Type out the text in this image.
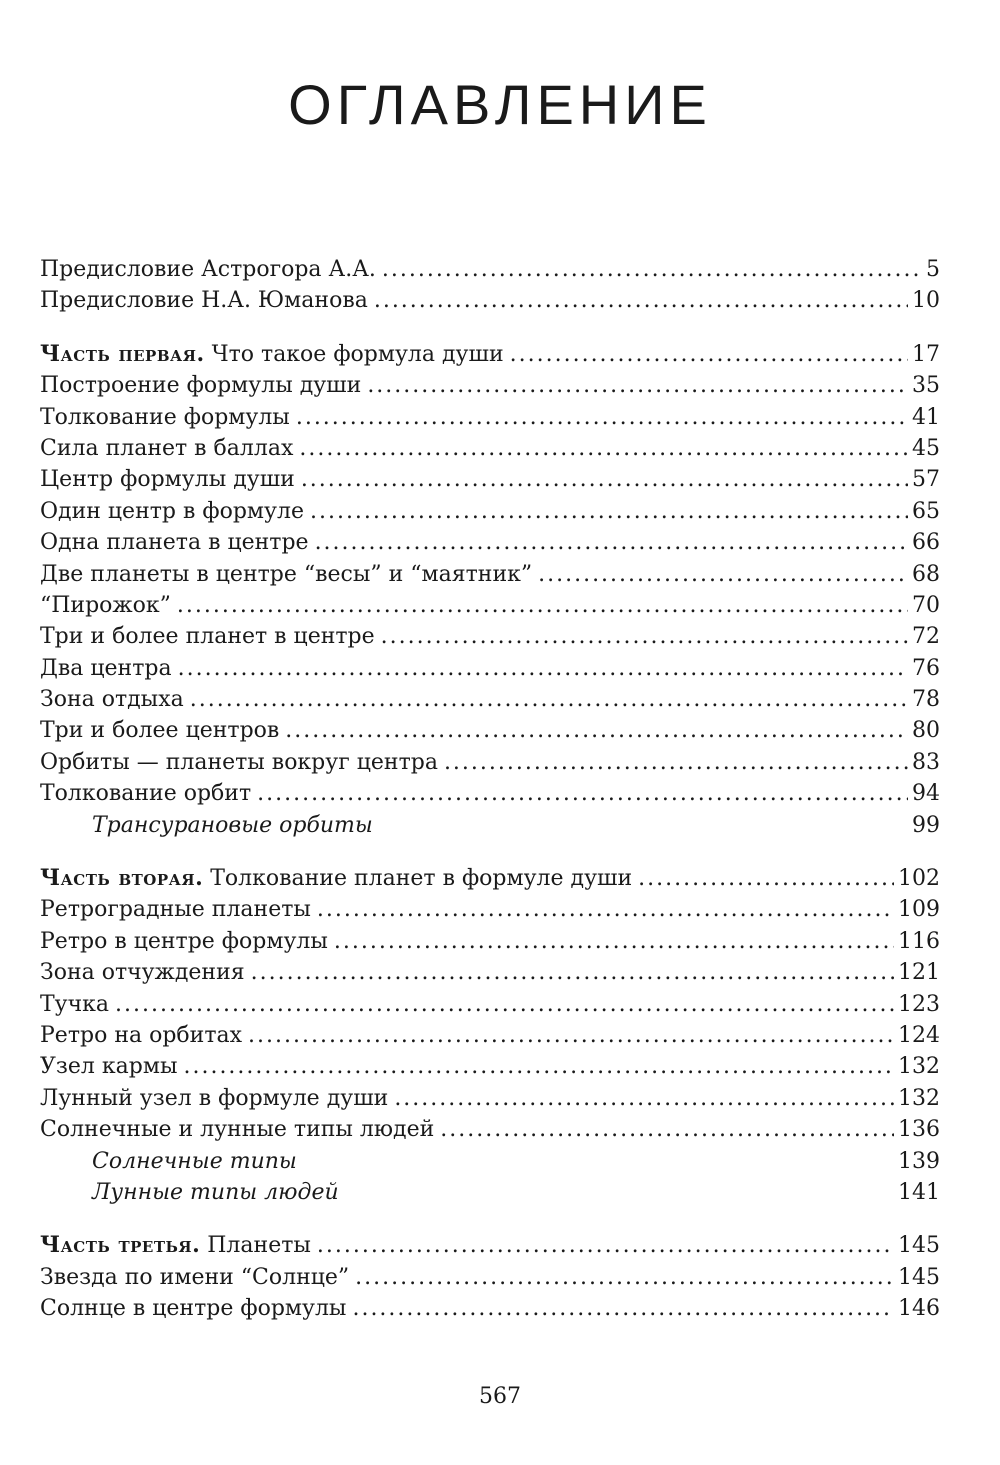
ОГЛАВЛЕНИЕ
Предисловие Астрогора А.А. .....	5
Предисловие Н.А. Юманова .....	10
Часть первая. Что такое формула души .....	17
Построение формулы души .....	35
Толкование формулы .....	41
Сила планет в баллах .....	45
Центр формулы души .....	57
Один центр в формуле .....	65
Одна планета в центре .....	66
Две планеты в центре “весы” и “маятник” .....	68
“Пирожок” .....	70
Три и более планет в центре .....	72
Два центра .....	76
Зона отдыха .....	78
Три и более центров .....	80
Орбиты — планеты вокруг центра .....	83
Толкование орбит .....	94
Трансурановые орбиты	99
Часть вторая. Толкование планет в формуле души .....	102
Ретроградные планеты .....	109
Ретро в центре формулы .....	116
Зона отчуждения .....	121
Тучка .....	123
Ретро на орбитах .....	124
Узел кармы .....	132
Лунный узел в формуле души .....	132
Солнечные и лунные типы людей .....	136
Солнечные типы	139
Лунные типы людей	141
Часть третья. Планеты .....	145
Звезда по имени “Солнце” .....	145
Солнце в центре формулы .....	146
567
